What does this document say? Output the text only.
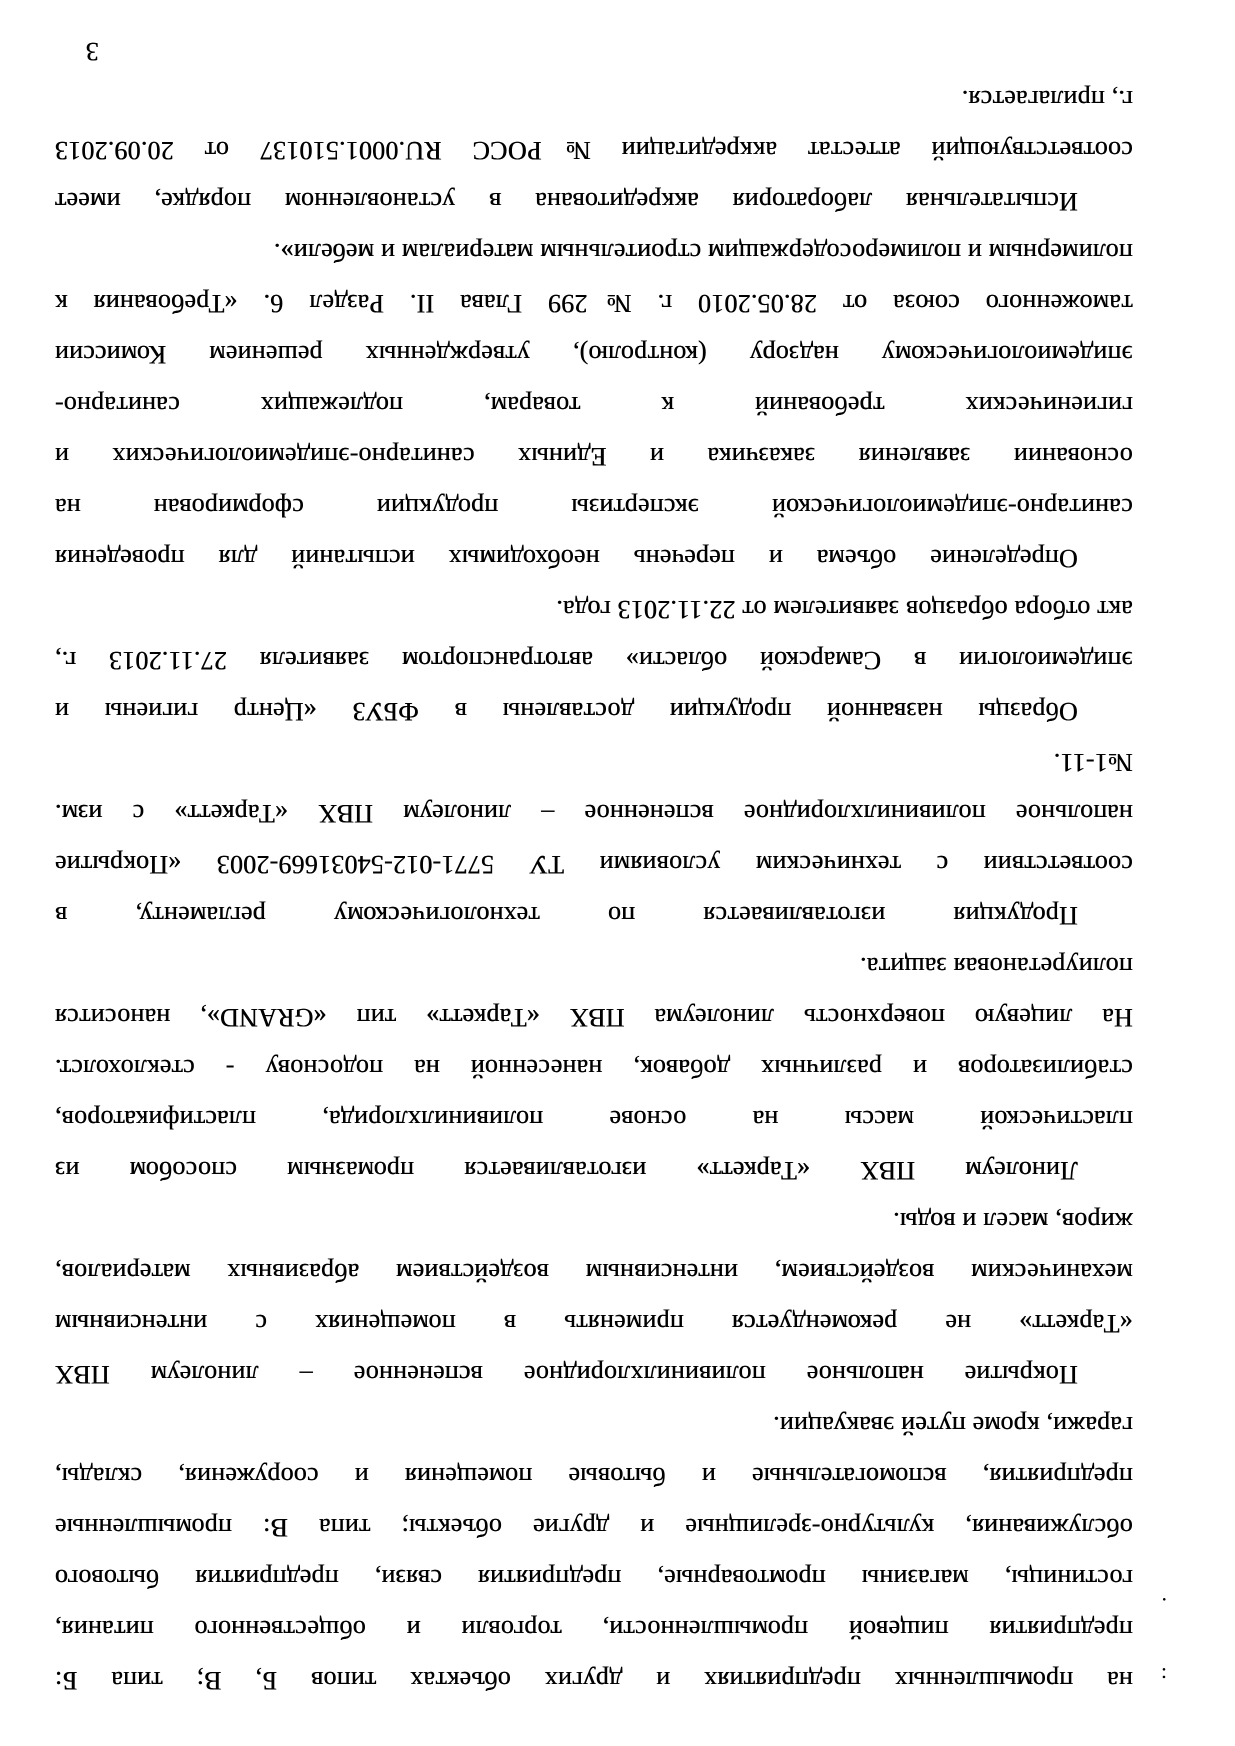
:
.
на промышленных предприятиях и других объектах типов Б, В; типа Б:
предприятия пищевой промышленности, торговли и общественного питания,
гостиницы, магазины промтоварные, предприятия связи, предприятия бытового
обслуживания, культурно-зрелищные и другие объекты; типа В: промышленные
предприятия, вспомогательные и бытовые помещения и сооружения, склады,
гаражи, кроме путей эвакуации.
Покрытие напольное поливинилхлоридное вспененное – линолеум ПВХ
«Таркетт» не рекомендуется применять в помещениях с интенсивным
механическим воздействием, интенсивным воздействием абразивных материалов,
жиров, масел и воды.
Линолеум ПВХ «Таркетт» изготавливается промазным способом из
пластической массы на основе поливинилхлорида, пластификаторов,
стабилизаторов и различных добавок, нанесенной на подоснову - стеклохолст.
На лицевую поверхность линолеума ПВХ «Таркетт» тип «GRAND», наносится
полиуретановая защита.
Продукция изготавливается по технологическому регламенту, в
соответствии с техническим условиями ТУ 5771-012-54031669-2003 «Покрытие
напольное поливинилхлоридное вспененное – линолеум ПВХ «Таркетт» с изм.
№1-11.
Образцы названной продукции доставлены в ФБУЗ «Центр гигиены и
эпидемиологии в Самарской области» автотранспортом заявителя 27.11.2013 г.,
акт отбора образцов заявителем от 22.11.2013 года.
Определение объема и перечень необходимых испытаний для проведения
санитарно-эпидемиологической экспертизы продукции сформирован на
основании заявления заказчика и Единых санитарно-эпидемиологических и
гигиенических требований к товарам, подлежащих санитарно-
эпидемиологическому надзору (контролю), утвержденных решением Комиссии
таможенного союза от 28.05.2010 г. №299 Глава II. Раздел 6. «Требования к
полимерным и полимеросодержащим строительным материалам и мебели».
Испытательная лаборатория аккредитована в установленном порядке, имеет
соответствующий аттестат аккредитации №РОСС RU.0001.510137 от 20.09.2013
г., прилагается.
3
